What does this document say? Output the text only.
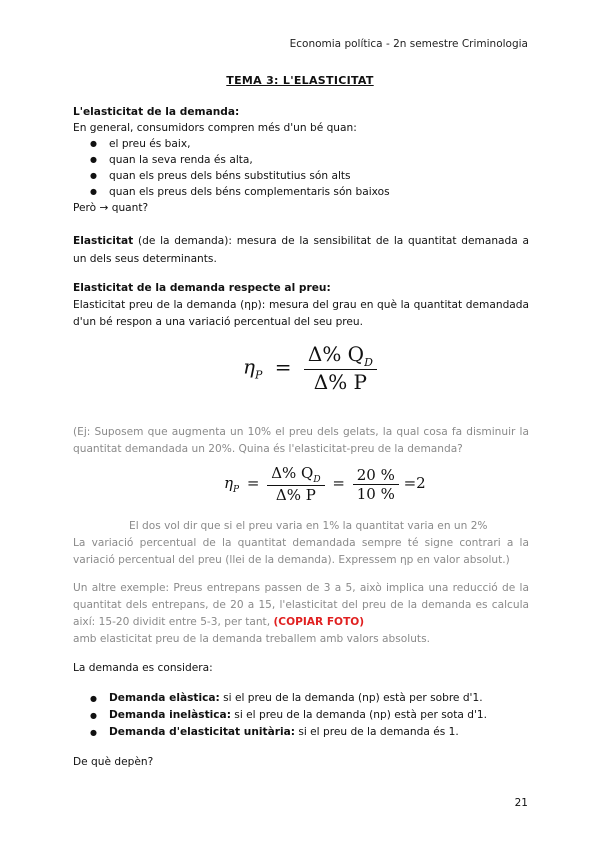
Economia política - 2n semestre Criminologia
TEMA 3: L'ELASTICITAT
L'elasticitat de la demanda:
En general, consumidors compren més d'un bé quan:
● el preu és baix,
● quan la seva renda és alta,
● quan els preus dels béns substitutius són alts
● quan els preus dels béns complementaris són baixos
Però → quant?
Elasticitat (de la demanda): mesura de la sensibilitat de la quantitat demanada a un dels seus determinants.
Elasticitat de la demanda respecte al preu:
Elasticitat preu de la demanda (ηp): mesura del grau en què la quantitat demandada d'un bé respon a una variació percentual del seu preu.
$\eta_P = \frac{\Delta\% Q_D}{\Delta\% P}$
(Ej: Suposem que augmenta un 10% el preu dels gelats, la qual cosa fa disminuir la quantitat demandada un 20%. Quina és l'elasticitat-preu de la demanda?
$\eta_P = \frac{\Delta\% Q_D}{\Delta\% P} = \frac{20 \%}{10 \%} =2$
El dos vol dir que si el preu varia en 1% la quantitat varia en un 2%
La variació percentual de la quantitat demandada sempre té signe contrari a la variació percentual del preu (llei de la demanda). Expressem ηp en valor absolut.)
Un altre exemple: Preus entrepans passen de 3 a 5, això implica una reducció de la quantitat dels entrepans, de 20 a 15, l'elasticitat del preu de la demanda es calcula així: 15-20 dividit entre 5-3, per tant, (COPIAR FOTO)
amb elasticitat preu de la demanda treballem amb valors absoluts.
La demanda es considera:
● Demanda elàstica: si el preu de la demanda (np) està per sobre d'1.
● Demanda inelàstica: si el preu de la demanda (np) està per sota d'1.
● Demanda d'elasticitat unitària: si el preu de la demanda és 1.
De què depèn?
21
